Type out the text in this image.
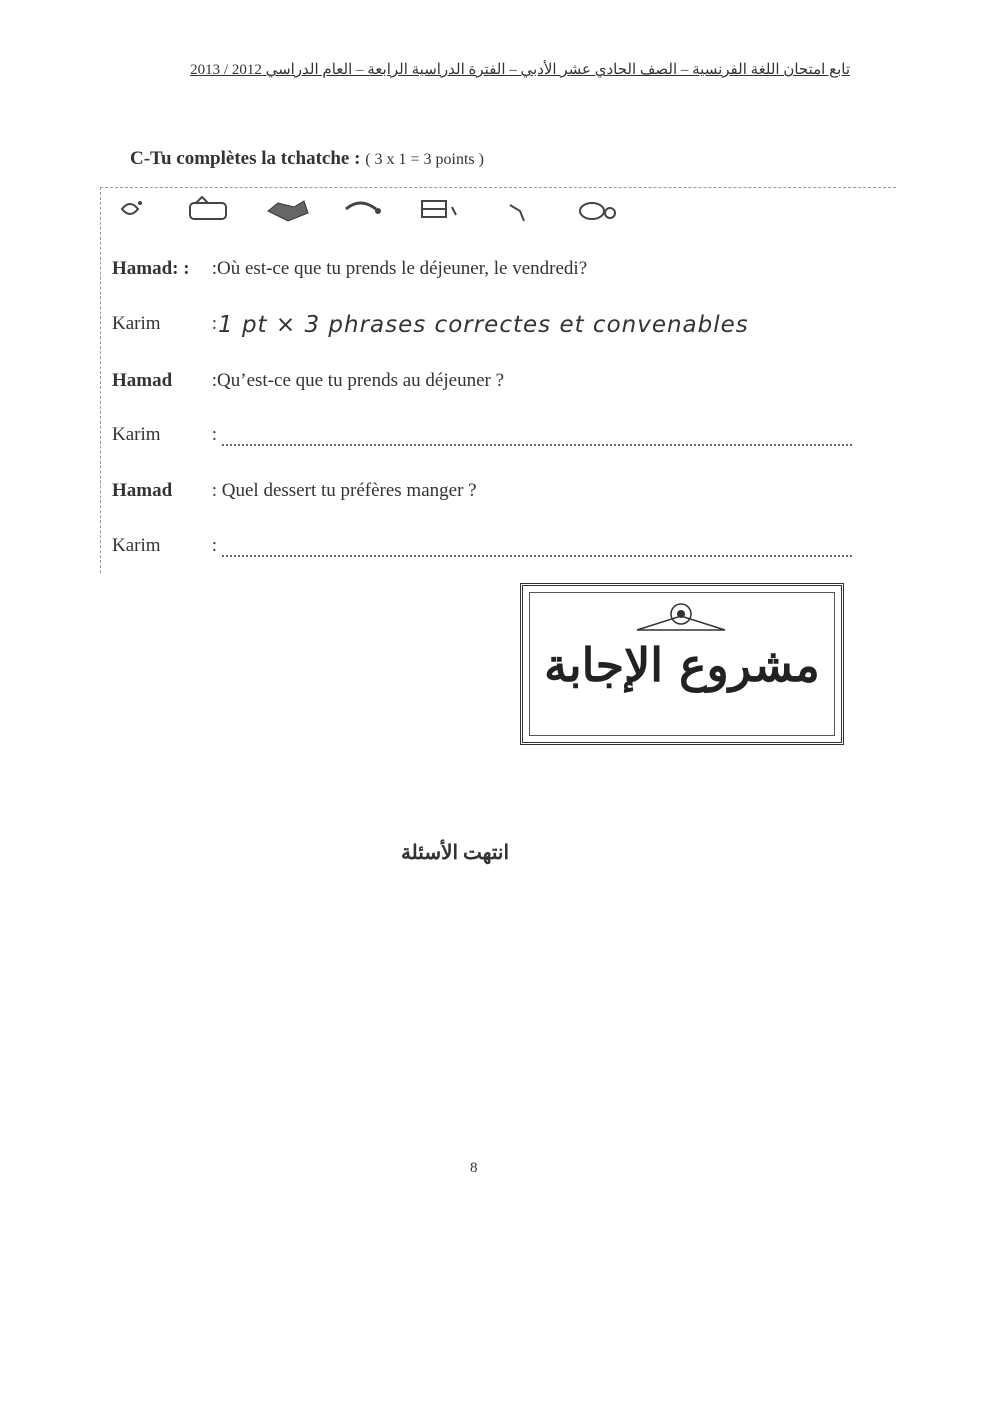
تابع امتحان اللغة الفرنسية – الصف الحادي عشر الأدبي – الفترة الدراسية الرابعة – العام الدراسي 2012 / 2013
C-Tu complètes la tchatche : ( 3 x 1 = 3 points )
Hamad: : :Où est-ce que tu prends le déjeuner, le vendredi?
Karim	: 1 pt × 3 phrases correctes et convenables
Hamad :Qu’est-ce que tu prends au déjeuner ?
Karim	:
Hamad : Quel dessert tu préfères manger ?
Karim	:
مشروع الإجابة
انتهت الأسئلة
8
